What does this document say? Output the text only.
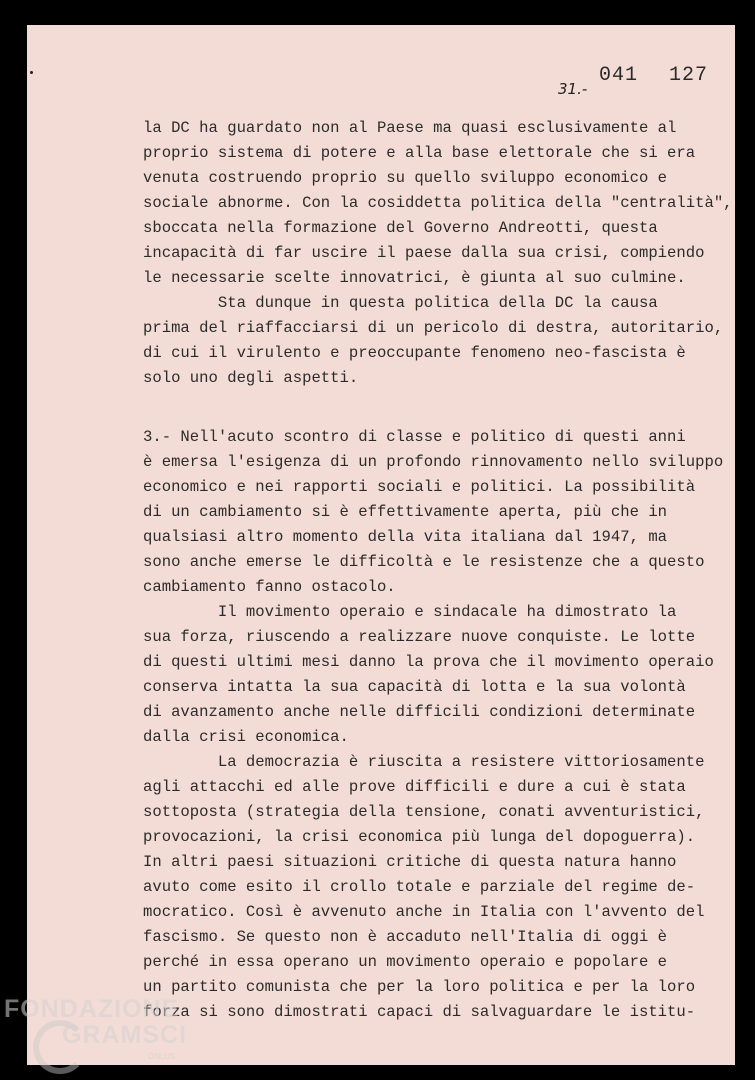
31.-
041 127
la DC ha guardato non al Paese ma quasi esclusivamente al
proprio sistema di potere e alla base elettorale che si era
venuta costruendo proprio su quello sviluppo economico e
sociale abnorme. Con la cosiddetta politica della "centralità",
sboccata nella formazione del Governo Andreotti, questa
incapacità di far uscire il paese dalla sua crisi, compiendo
le necessarie scelte innovatrici, è giunta al suo culmine.
Sta dunque in questa politica della DC la causa
prima del riaffacciarsi di un pericolo di destra, autoritario,
di cui il virulento e preoccupante fenomeno neo-fascista è
solo uno degli aspetti.
3.- Nell'acuto scontro di classe e politico di questi anni
è emersa l'esigenza di un profondo rinnovamento nello sviluppo
economico e nei rapporti sociali e politici. La possibilità
di un cambiamento si è effettivamente aperta, più che in
qualsiasi altro momento della vita italiana dal 1947, ma
sono anche emerse le difficoltà e le resistenze che a questo
cambiamento fanno ostacolo.
Il movimento operaio e sindacale ha dimostrato la
sua forza, riuscendo a realizzare nuove conquiste. Le lotte
di questi ultimi mesi danno la prova che il movimento operaio
conserva intatta la sua capacità di lotta e la sua volontà
di avanzamento anche nelle difficili condizioni determinate
dalla crisi economica.
La democrazia è riuscita a resistere vittoriosamente
agli attacchi ed alle prove difficili e dure a cui è stata
sottoposta (strategia della tensione, conati avventuristici,
provocazioni, la crisi economica più lunga del dopoguerra).
In altri paesi situazioni critiche di questa natura hanno
avuto come esito il crollo totale e parziale del regime de-
mocratico. Così è avvenuto anche in Italia con l'avvento del
fascismo. Se questo non è accaduto nell'Italia di oggi è
perché in essa operano un movimento operaio e popolare e
un partito comunista che per la loro politica e per la loro
forza si sono dimostrati capaci di salvaguardare le istitu-
FONDAZIONE
GRAMSCI
ONLUS
